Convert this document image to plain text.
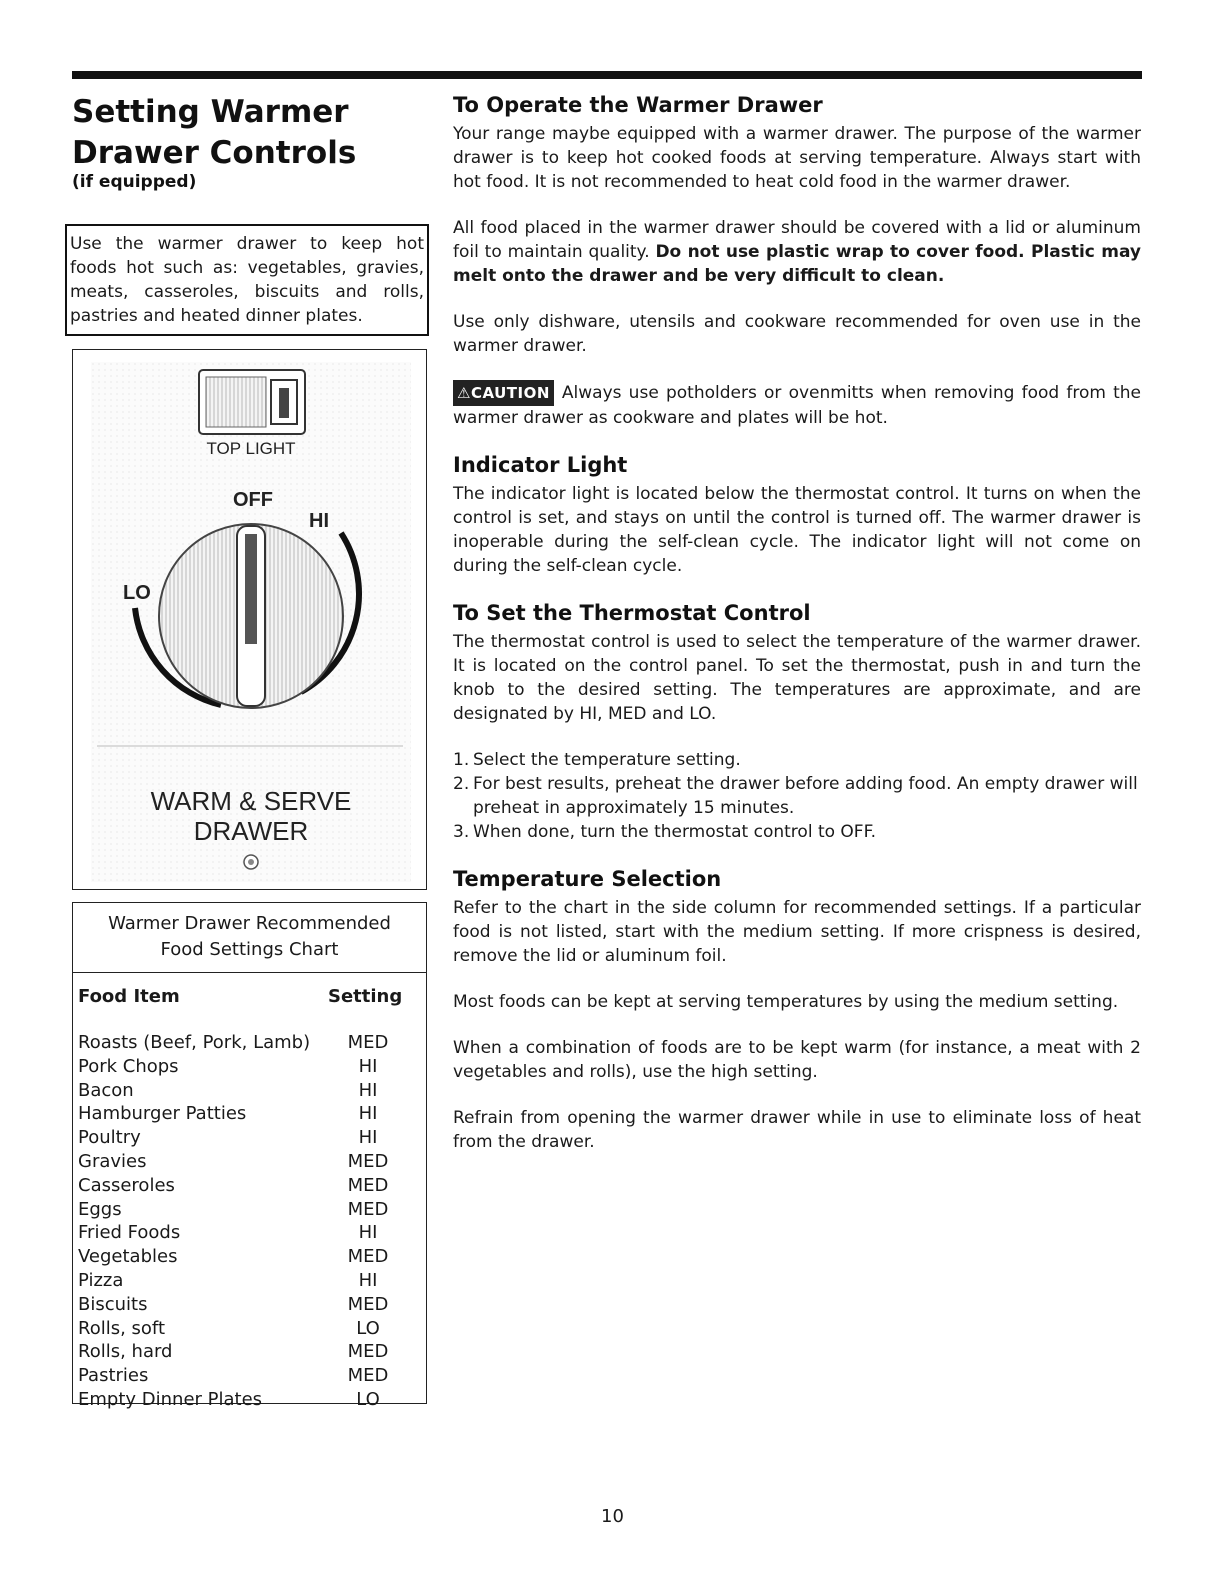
Setting Warmer Drawer Controls
(if equipped)
Use the warmer drawer to keep hot foods hot such as: vegetables, gravies, meats, casseroles, biscuits and rolls, pastries and heated dinner plates.
TOP LIGHT
OFF
HI
LO
WARM & SERVE
DRAWER
Warmer Drawer Recommended
Food Settings Chart
Food Item	Setting
Roasts (Beef, Pork, Lamb)	MED
Pork Chops	HI
Bacon	HI
Hamburger Patties	HI
Poultry	HI
Gravies	MED
Casseroles	MED
Eggs	MED
Fried Foods	HI
Vegetables	MED
Pizza	HI
Biscuits	MED
Rolls, soft	LO
Rolls, hard	MED
Pastries	MED
Empty Dinner Plates	LO
To Operate the Warmer Drawer

Your range maybe equipped with a warmer drawer. The purpose of the warmer drawer is to keep hot cooked foods at serving temperature. Always start with hot food. It is not recommended to heat cold food in the warmer drawer.

All food placed in the warmer drawer should be covered with a lid or aluminum foil to maintain quality. Do not use plastic wrap to cover food. Plastic may melt onto the drawer and be very difficult to clean.

Use only dishware, utensils and cookware recommended for oven use in the warmer drawer.

⚠CAUTION Always use potholders or ovenmitts when removing food from the warmer drawer as cookware and plates will be hot.

Indicator Light

The indicator light is located below the thermostat control. It turns on when the control is set, and stays on until the control is turned off. The warmer drawer is inoperable during the self-clean cycle. The indicator light will not come on during the self-clean cycle.

To Set the Thermostat Control

The thermostat control is used to select the temperature of the warmer drawer. It is located on the control panel. To set the thermostat, push in and turn the knob to the desired setting. The temperatures are approximate, and are designated by HI, MED and LO.

1. Select the temperature setting.
2. For best results, preheat the drawer before adding food. An empty drawer will preheat in approximately 15 minutes.
3. When done, turn the thermostat control to OFF.
Temperature Selection

Refer to the chart in the side column for recommended settings. If a particular food is not listed, start with the medium setting. If more crispness is desired, remove the lid or aluminum foil.

Most foods can be kept at serving temperatures by using the medium setting.

When a combination of foods are to be kept warm (for instance, a meat with 2 vegetables and rolls), use the high setting.

Refrain from opening the warmer drawer while in use to eliminate loss of heat from the drawer.

10
